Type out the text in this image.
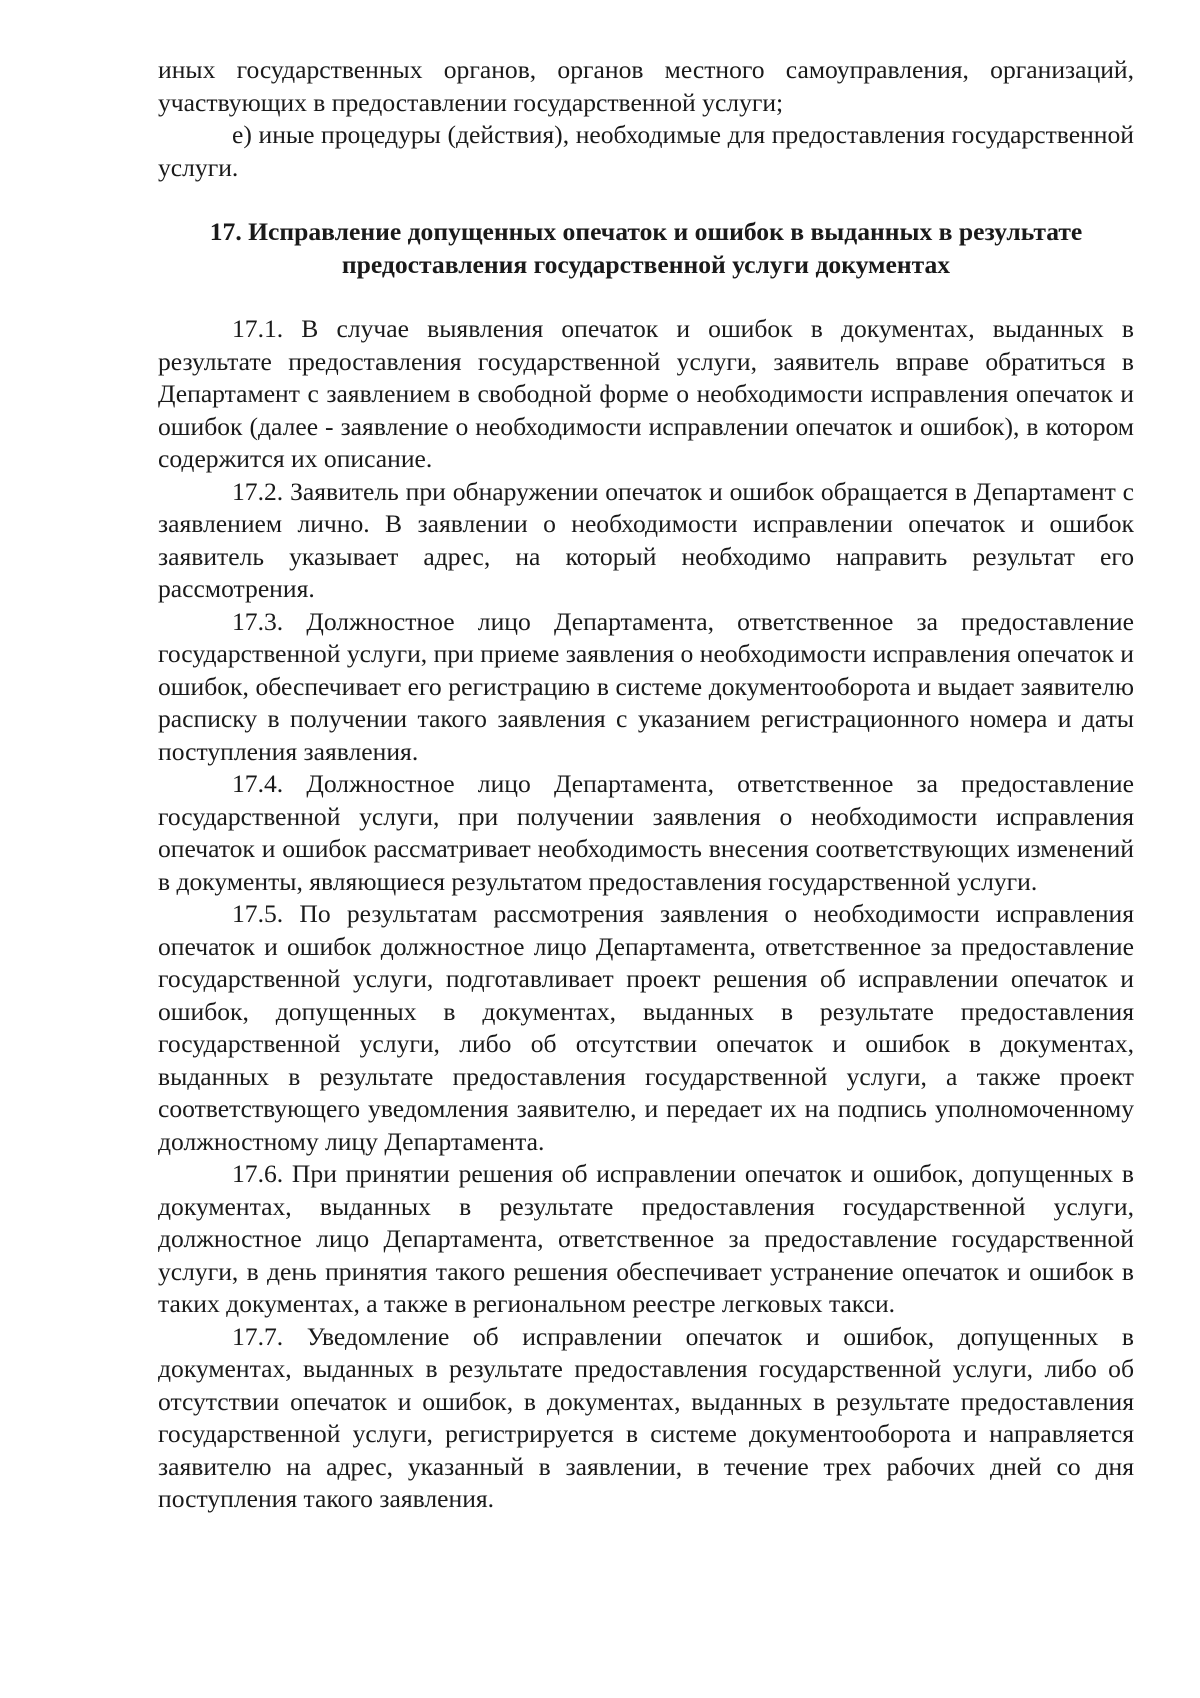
иных государственных органов, органов местного самоуправления, организаций, участвующих в предоставлении государственной услуги;

е) иные процедуры (действия), необходимые для предоставления государственной услуги.

17. Исправление допущенных опечаток и ошибок в выданных в результате предоставления государственной услуги документах

17.1. В случае выявления опечаток и ошибок в документах, выданных в результате предоставления государственной услуги, заявитель вправе обратиться в Департамент с заявлением в свободной форме о необходимости исправления опечаток и ошибок (далее - заявление о необходимости исправлении опечаток и ошибок), в котором содержится их описание.

17.2. Заявитель при обнаружении опечаток и ошибок обращается в Департамент с заявлением лично. В заявлении о необходимости исправлении опечаток и ошибок заявитель указывает адрес, на который необходимо направить результат его рассмотрения.

17.3. Должностное лицо Департамента, ответственное за предоставление государственной услуги, при приеме заявления о необходимости исправления опечаток и ошибок, обеспечивает его регистрацию в системе документооборота и выдает заявителю расписку в получении такого заявления с указанием регистрационного номера и даты поступления заявления.

17.4. Должностное лицо Департамента, ответственное за предоставление государственной услуги, при получении заявления о необходимости исправления опечаток и ошибок рассматривает необходимость внесения соответствующих изменений в документы, являющиеся результатом предоставления государственной услуги.

17.5. По результатам рассмотрения заявления о необходимости исправления опечаток и ошибок должностное лицо Департамента, ответственное за предоставление государственной услуги, подготавливает проект решения об исправлении опечаток и ошибок, допущенных в документах, выданных в результате предоставления государственной услуги, либо об отсутствии опечаток и ошибок в документах, выданных в результате предоставления государственной услуги, а также проект соответствующего уведомления заявителю, и передает их на подпись уполномоченному должностному лицу Департамента.

17.6. При принятии решения об исправлении опечаток и ошибок, допущенных в документах, выданных в результате предоставления государственной услуги, должностное лицо Департамента, ответственное за предоставление государственной услуги, в день принятия такого решения обеспечивает устранение опечаток и ошибок в таких документах, а также в региональном реестре легковых такси.

17.7. Уведомление об исправлении опечаток и ошибок, допущенных в документах, выданных в результате предоставления государственной услуги, либо об отсутствии опечаток и ошибок, в документах, выданных в результате предоставления государственной услуги, регистрируется в системе документооборота и направляется заявителю на адрес, указанный в заявлении, в течение трех рабочих дней со дня поступления такого заявления.
